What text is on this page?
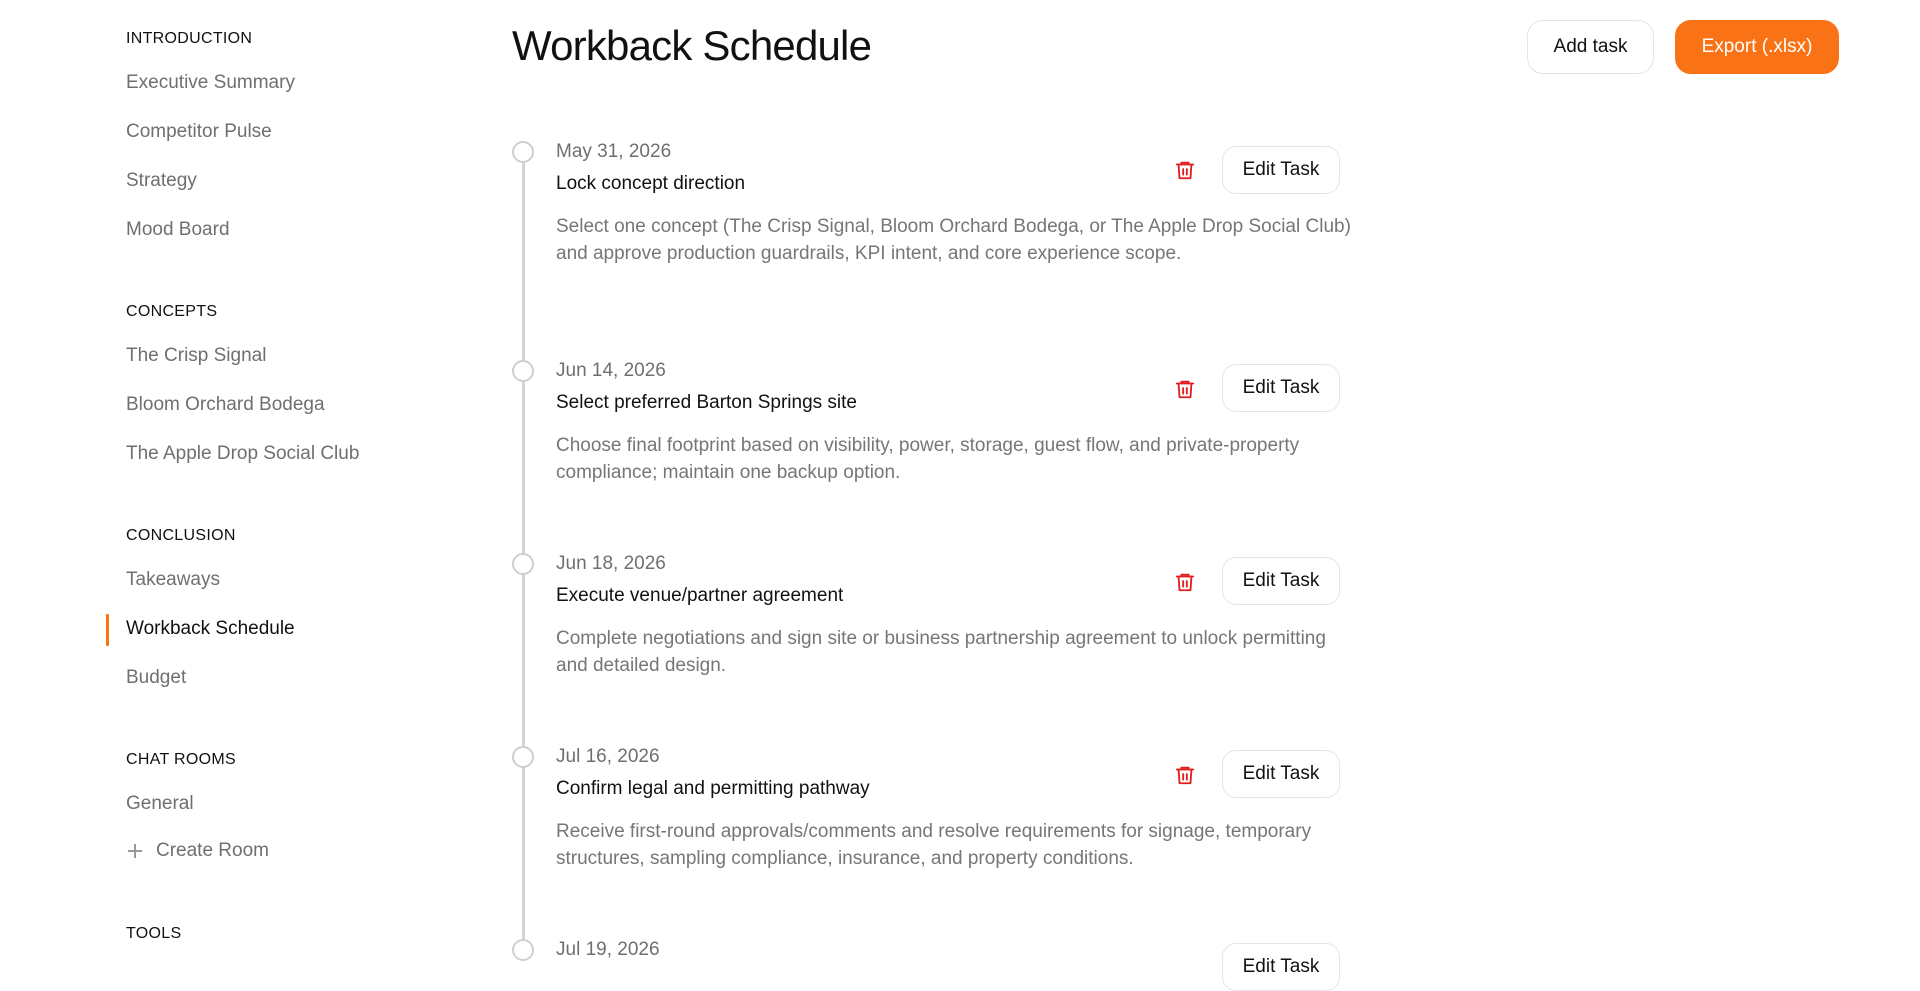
INTRODUCTION
Executive Summary
Competitor Pulse
Strategy
Mood Board
CONCEPTS
The Crisp Signal
Bloom Orchard Bodega
The Apple Drop Social Club
CONCLUSION
Takeaways
Workback Schedule
Budget
CHAT ROOMS
General
Create Room
TOOLS
Workback Schedule	Add task	Export (.xlsx)
May 31, 2026
Lock concept direction
Select one concept (The Crisp Signal, Bloom Orchard Bodega, or The Apple Drop Social Club) and approve production guardrails, KPI intent, and core experience scope.
Edit Task
Jun 14, 2026
Select preferred Barton Springs site
Choose final footprint based on visibility, power, storage, guest flow, and private-property compliance; maintain one backup option.
Edit Task
Jun 18, 2026
Execute venue/partner agreement
Complete negotiations and sign site or business partnership agreement to unlock permitting and detailed design.
Edit Task
Jul 16, 2026
Confirm legal and permitting pathway
Receive first-round approvals/comments and resolve requirements for signage, temporary structures, sampling compliance, insurance, and property conditions.
Edit Task
Jul 19, 2026
Edit Task
